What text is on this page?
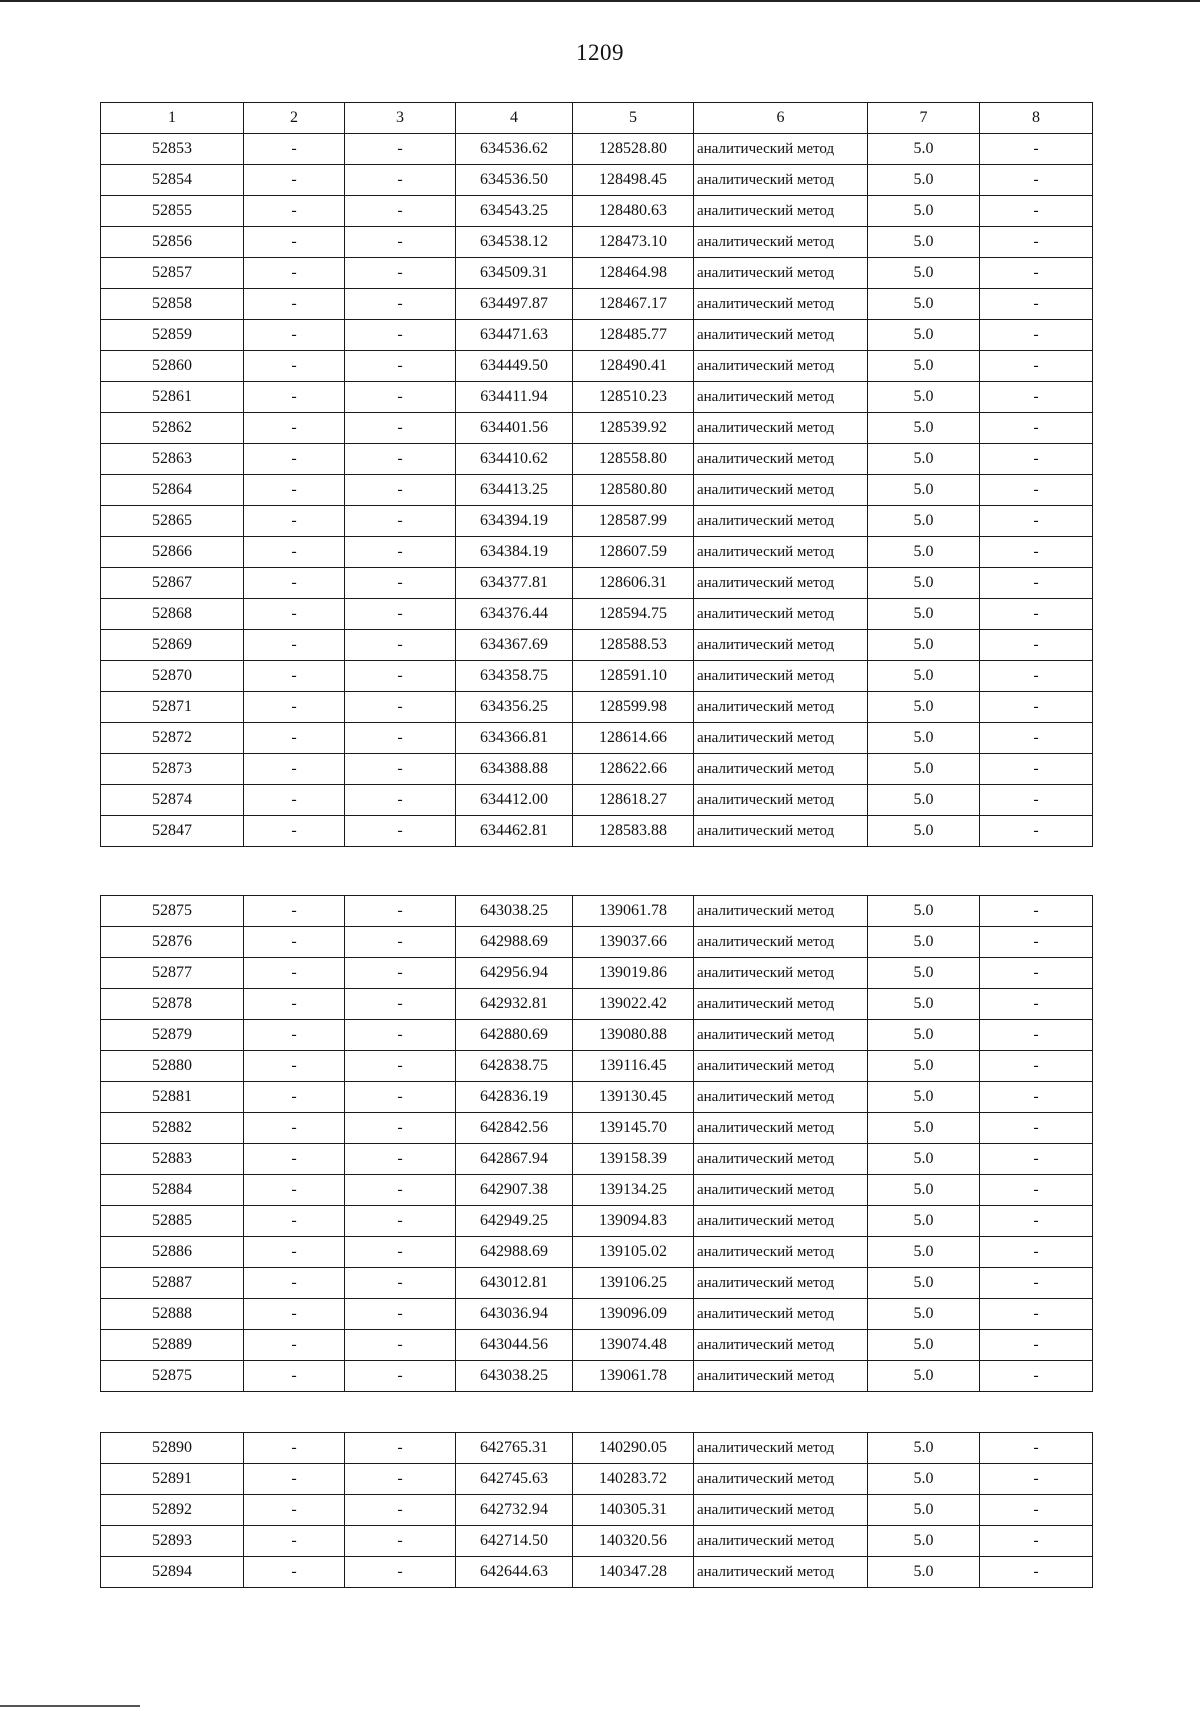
1209
1	2	3	4	5	6	7	8
52853	-	-	634536.62	128528.80	аналитический метод	5.0	-
52854	-	-	634536.50	128498.45	аналитический метод	5.0	-
52855	-	-	634543.25	128480.63	аналитический метод	5.0	-
52856	-	-	634538.12	128473.10	аналитический метод	5.0	-
52857	-	-	634509.31	128464.98	аналитический метод	5.0	-
52858	-	-	634497.87	128467.17	аналитический метод	5.0	-
52859	-	-	634471.63	128485.77	аналитический метод	5.0	-
52860	-	-	634449.50	128490.41	аналитический метод	5.0	-
52861	-	-	634411.94	128510.23	аналитический метод	5.0	-
52862	-	-	634401.56	128539.92	аналитический метод	5.0	-
52863	-	-	634410.62	128558.80	аналитический метод	5.0	-
52864	-	-	634413.25	128580.80	аналитический метод	5.0	-
52865	-	-	634394.19	128587.99	аналитический метод	5.0	-
52866	-	-	634384.19	128607.59	аналитический метод	5.0	-
52867	-	-	634377.81	128606.31	аналитический метод	5.0	-
52868	-	-	634376.44	128594.75	аналитический метод	5.0	-
52869	-	-	634367.69	128588.53	аналитический метод	5.0	-
52870	-	-	634358.75	128591.10	аналитический метод	5.0	-
52871	-	-	634356.25	128599.98	аналитический метод	5.0	-
52872	-	-	634366.81	128614.66	аналитический метод	5.0	-
52873	-	-	634388.88	128622.66	аналитический метод	5.0	-
52874	-	-	634412.00	128618.27	аналитический метод	5.0	-
52847	-	-	634462.81	128583.88	аналитический метод	5.0	-
52875	-	-	643038.25	139061.78	аналитический метод	5.0	-
52876	-	-	642988.69	139037.66	аналитический метод	5.0	-
52877	-	-	642956.94	139019.86	аналитический метод	5.0	-
52878	-	-	642932.81	139022.42	аналитический метод	5.0	-
52879	-	-	642880.69	139080.88	аналитический метод	5.0	-
52880	-	-	642838.75	139116.45	аналитический метод	5.0	-
52881	-	-	642836.19	139130.45	аналитический метод	5.0	-
52882	-	-	642842.56	139145.70	аналитический метод	5.0	-
52883	-	-	642867.94	139158.39	аналитический метод	5.0	-
52884	-	-	642907.38	139134.25	аналитический метод	5.0	-
52885	-	-	642949.25	139094.83	аналитический метод	5.0	-
52886	-	-	642988.69	139105.02	аналитический метод	5.0	-
52887	-	-	643012.81	139106.25	аналитический метод	5.0	-
52888	-	-	643036.94	139096.09	аналитический метод	5.0	-
52889	-	-	643044.56	139074.48	аналитический метод	5.0	-
52875	-	-	643038.25	139061.78	аналитический метод	5.0	-
52890	-	-	642765.31	140290.05	аналитический метод	5.0	-
52891	-	-	642745.63	140283.72	аналитический метод	5.0	-
52892	-	-	642732.94	140305.31	аналитический метод	5.0	-
52893	-	-	642714.50	140320.56	аналитический метод	5.0	-
52894	-	-	642644.63	140347.28	аналитический метод	5.0	-
